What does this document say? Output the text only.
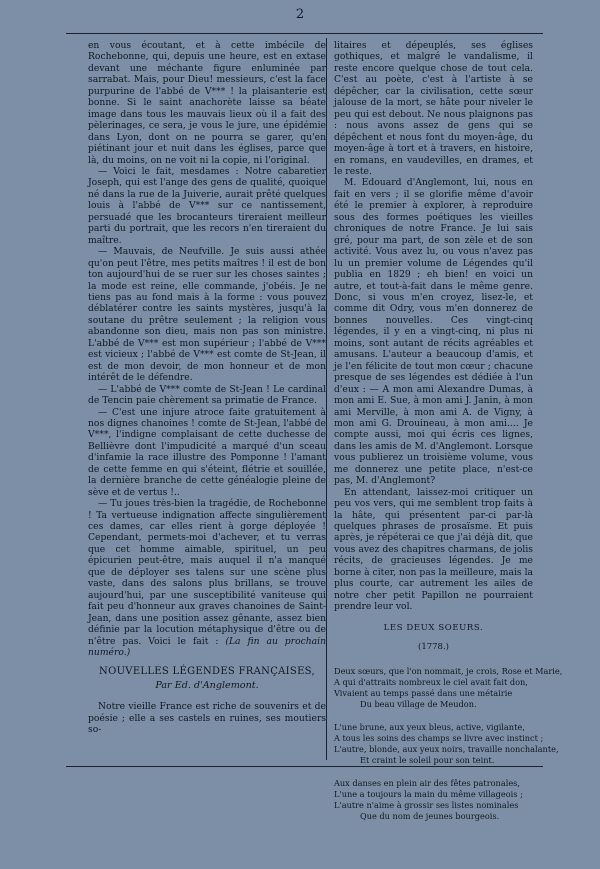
2

en vous écoutant, et à cette imbécile de Rochebonne, qui, depuis une heure, est en extase devant une méchante figure enluminée par sarrabat. Mais, pour Dieu! messieurs, c'est la face purpurine de l'abbé de V*** ! la plaisanterie est bonne. Si le saint anachorète laisse sa béate image dans tous les mauvais lieux où il a fait des pèlerinages, ce sera, je vous le jure, une épidémie dans Lyon, dont on ne pourra se garer, qu'en piétinant jour et nuit dans les églises, parce que là, du moins, on ne voit ni la copie, ni l'original.

— Voici le fait, mesdames : Notre cabaretier Joseph, qui est l'ange des gens de qualité, quoique né dans la rue de la Juiverie, aurait prêté quelques louis à l'abbé de V*** sur ce nantissement, persuadé que les brocanteurs tireraient meilleur parti du portrait, que les recors n'en tireraient du maître.

— Mauvais, de Neufville. Je suis aussi athée qu'on peut l'être, mes petits maîtres ! il est de bon ton aujourd'hui de se ruer sur les choses saintes ; la mode est reine, elle commande, j'obéis. Je ne tiens pas au fond mais à la forme : vous pouvez déblatérer contre les saints mystères, jusqu'à la soutane du prêtre seulement ; la religion vous abandonne son dieu, mais non pas son ministre. L'abbé de V*** est mon supérieur ; l'abbé de V*** est vicieux ; l'abbé de V*** est comte de St-Jean, il est de mon devoir, de mon honneur et de mon intérêt de le défendre.

— L'abbé de V*** comte de St-Jean ! Le cardinal de Tencin paie chèrement sa primatie de France.

— C'est une injure atroce faite gratuitement à nos dignes chanoines ! comte de St-Jean, l'abbé de V***, l'indigne complaisant de cette duchesse de Bellièvre dont l'impudicité a marqué d'un sceau d'infamie la race illustre des Pomponne ! l'amant de cette femme en qui s'éteint, flétrie et souillée, la dernière branche de cette généalogie pleine de sève et de vertus !..

— Tu joues très-bien la tragédie, de Rochebonne ! Ta vertueuse indignation affecte singulièrement ces dames, car elles rient à gorge déployée ! Cependant, permets-moi d'achever, et tu verras que cet homme aimable, spirituel, un peu épicurien peut-être, mais auquel il n'a manqué que de déployer ses talens sur une scène plus vaste, dans des salons plus brillans, se trouve aujourd'hui, par une susceptibilité vaniteuse qui fait peu d'honneur aux graves chanoines de Saint-Jean, dans une position assez gênante, assez bien définie par la locution métaphysique d'être ou de n'être pas. Voici le fait : (La fin au prochain numéro.)

NOUVELLES LÉGENDES FRANÇAISES,
Par Ed. d'Anglemont.

Notre vieille France est riche de souvenirs et de poésie ; elle a ses castels en ruines, ses moutiers so-

litaires et dépeuplés, ses églises gothiques, et malgré le vandalisme, il reste encore quelque chose de tout cela. C'est au poète, c'est à l'artiste à se dépêcher, car la civilisation, cette sœur jalouse de la mort, se hâte pour niveler le peu qui est debout. Ne nous plaignons pas : nous avons assez de gens qui se dépêchent et nous font du moyen-âge, du moyen-âge à tort et à travers, en histoire, en romans, en vaudevilles, en drames, et le reste.

M. Edouard d'Anglemont, lui, nous en fait en vers ; il se glorifie même d'avoir été le premier à explorer, à reproduire sous des formes poétiques les vieilles chroniques de notre France. Je lui sais gré, pour ma part, de son zèle et de son activité. Vous avez lu, ou vous n'avez pas lu un premier volume de Légendes qu'il publia en 1829 ; eh bien! en voici un autre, et tout-à-fait dans le même genre. Donc, si vous m'en croyez, lisez-le, et comme dit Odry, vous m'en donnerez de bonnes nouvelles. Ces vingt-cinq légendes, il y en a vingt-cinq, ni plus ni moins, sont autant de récits agréables et amusans. L'auteur a beaucoup d'amis, et je l'en félicite de tout mon cœur ; chacune presque de ses légendes est dédiée à l'un d'eux : — A mon ami Alexandre Dumas, à mon ami E. Sue, à mon ami J. Janin, à mon ami Merville, à mon ami A. de Vigny, à mon ami G. Drouineau, à mon ami.... Je compte aussi, moi qui écris ces lignes, dans les amis de M. d'Anglemont. Lorsque vous publierez un troisième volume, vous me donnerez une petite place, n'est-ce pas, M. d'Anglemont?

En attendant, laissez-moi critiquer un peu vos vers, qui me semblent trop faits à la hâte, qui présentent par-ci par-là quelques phrases de prosaïsme. Et puis après, je répéterai ce que j'ai déjà dit, que vous avez des chapitres charmans, de jolis récits, de gracieuses légendes. Je me borne à citer, non pas la meilleure, mais la plus courte, car autrement les ailes de notre cher petit Papillon ne pourraient prendre leur vol.

LES DEUX SOEURS.
(1778.)
Deux sœurs, que l'on nommait, je crois, Rose et Marie,
A qui d'attraits nombreux le ciel avait fait don,
Vivaient au temps passé dans une métairie
Du beau village de Meudon.
L'une brune, aux yeux bleus, active, vigilante,
A tous les soins des champs se livre avec instinct ;
L'autre, blonde, aux yeux noirs, travaille nonchalante,
Et craint le soleil pour son teint.
Aux danses en plein air des fêtes patronales,
L'une a toujours la main du même villageois ;
L'autre n'aime à grossir ses listes nominales
Que du nom de jeunes bourgeois.
